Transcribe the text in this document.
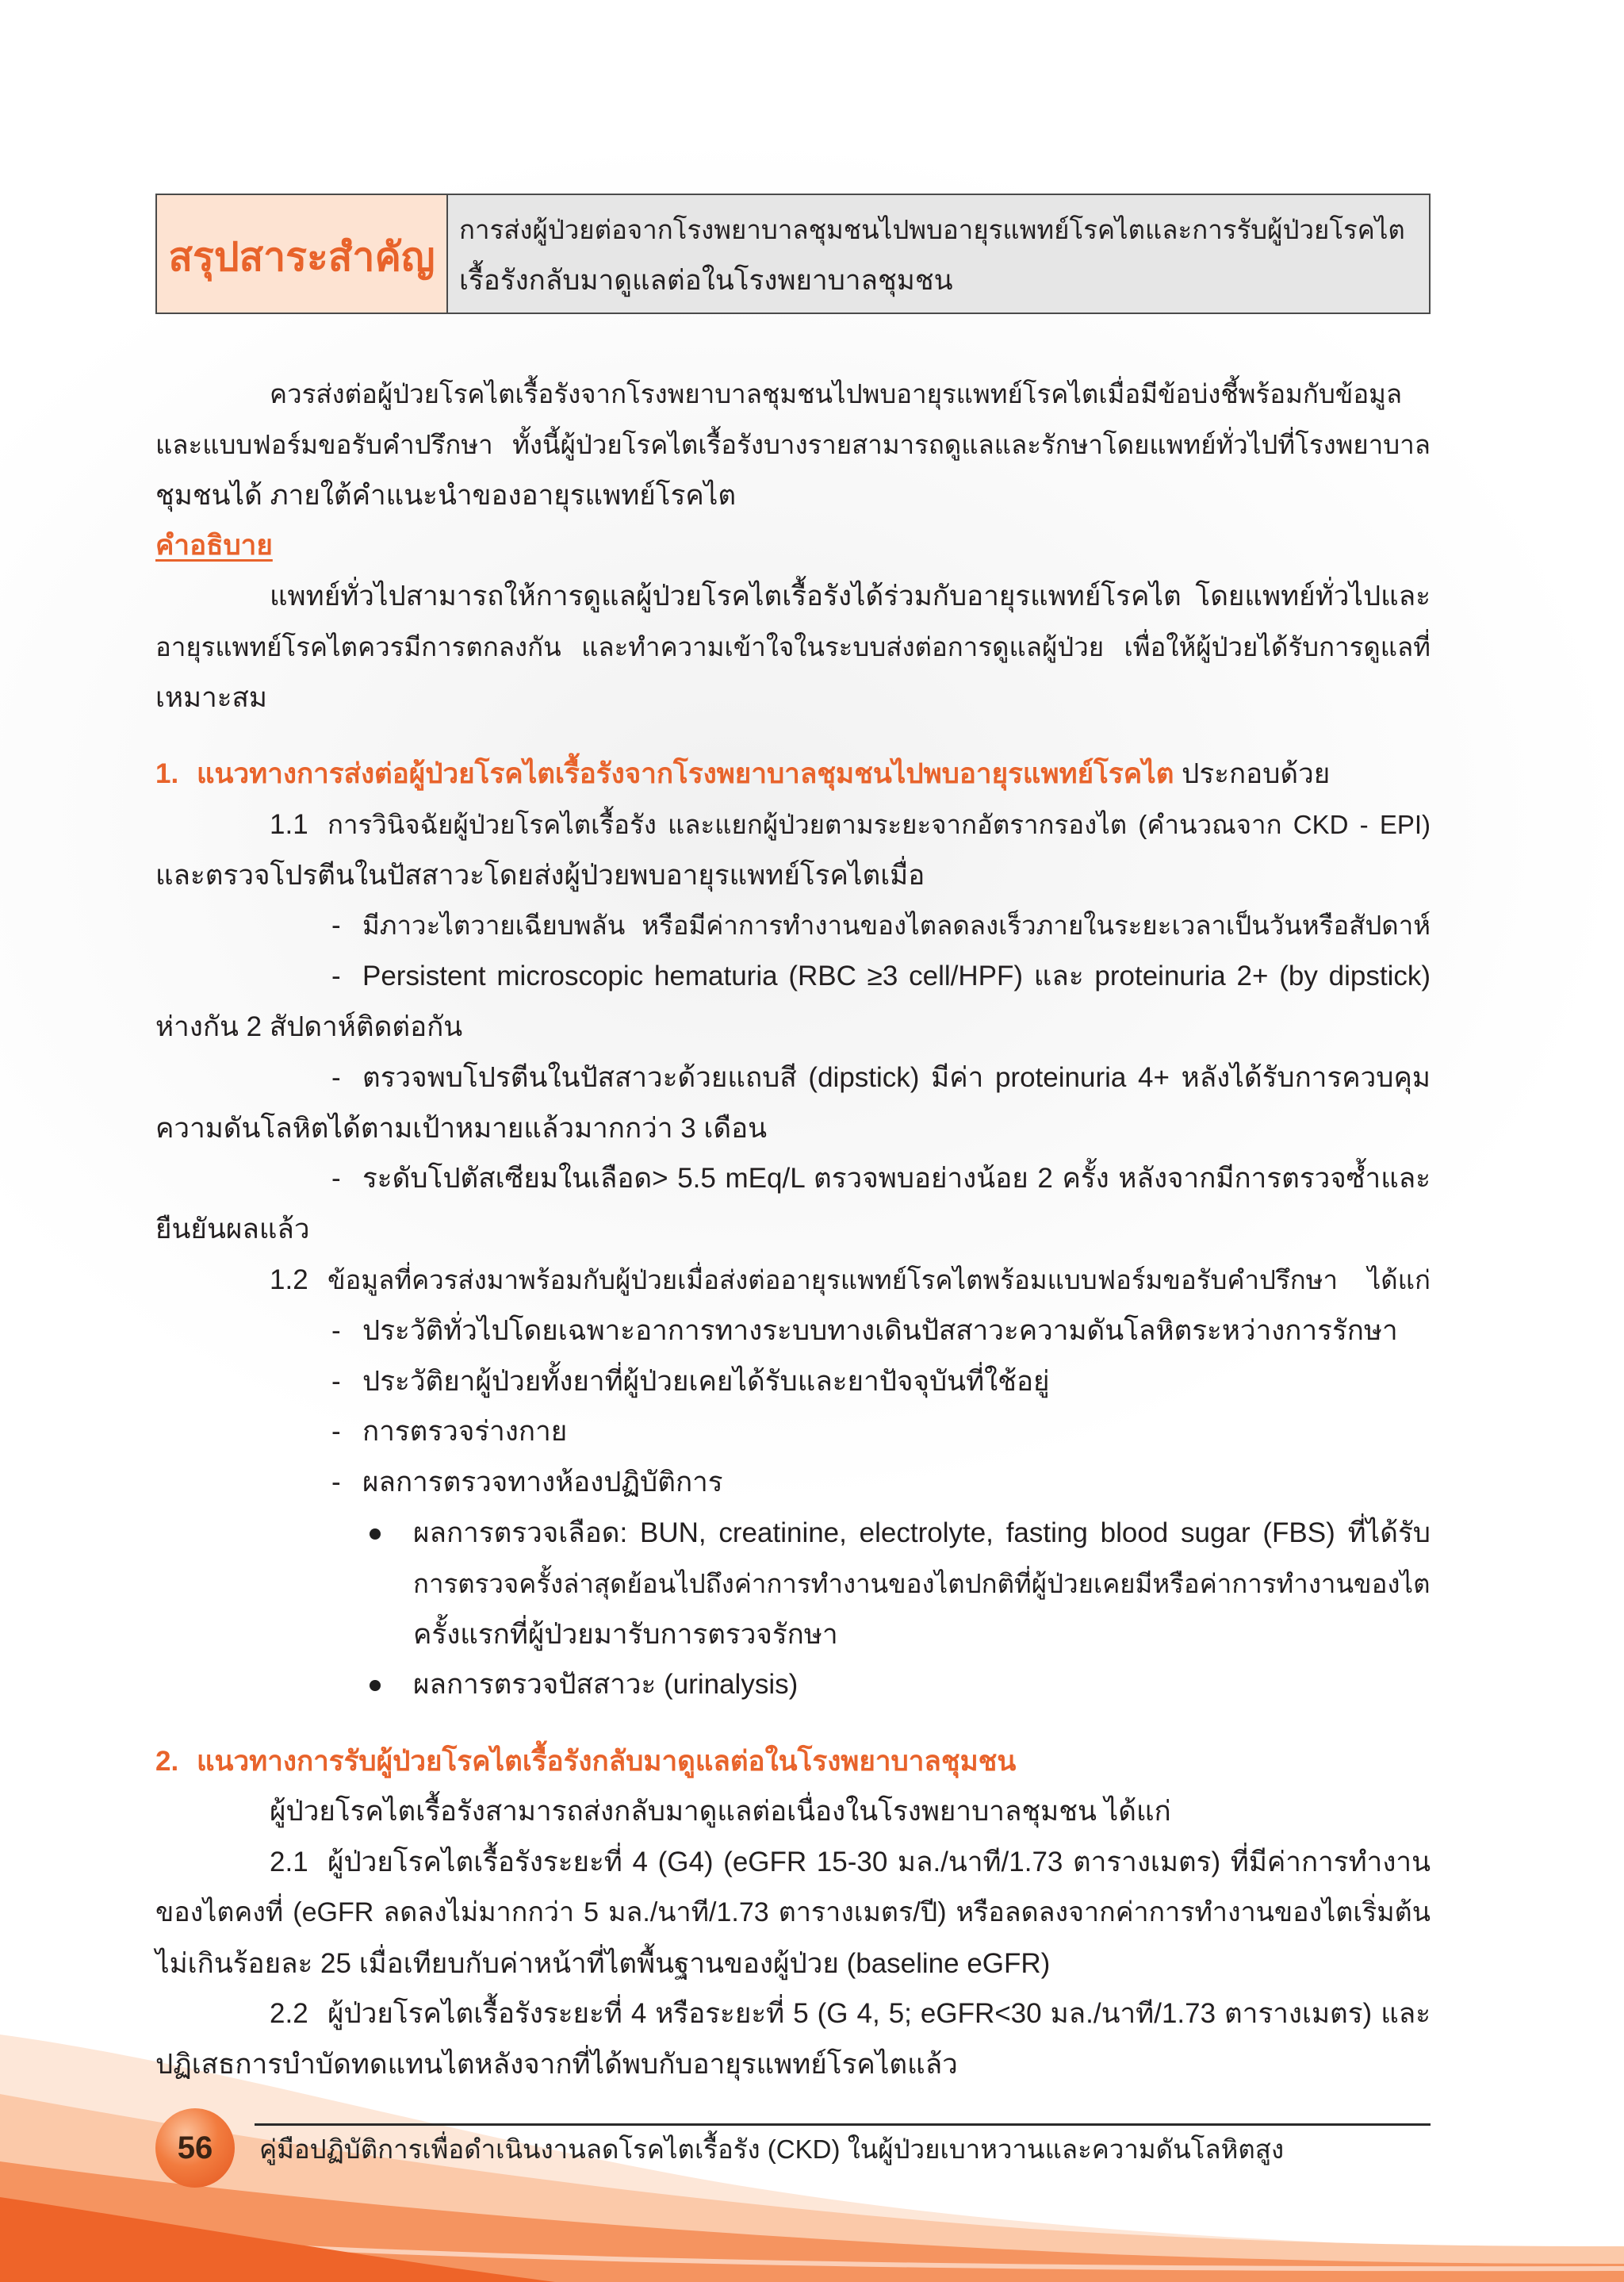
สรุปสาระสำคัญ
การส่งผู้ป่วยต่อจากโรงพยาบาลชุมชนไปพบอายุรแพทย์โรคไตและการรับผู้ป่วยโรคไต
เรื้อรังกลับมาดูแลต่อในโรงพยาบาลชุมชน
ควรส่งต่อผู้ป่วยโรคไตเรื้อรังจากโรงพยาบาลชุมชนไปพบอายุรแพทย์โรคไตเมื่อมีข้อบ่งชี้พร้อมกับข้อมูล
และแบบฟอร์มขอรับคำปรึกษา ทั้งนี้ผู้ป่วยโรคไตเรื้อรังบางรายสามารถดูแลและรักษาโดยแพทย์ทั่วไปที่โรงพยาบาล
ชุมชนได้ ภายใต้คำแนะนำของอายุรแพทย์โรคไต
คำอธิบาย
แพทย์ทั่วไปสามารถให้การดูแลผู้ป่วยโรคไตเรื้อรังได้ร่วมกับอายุรแพทย์โรคไต โดยแพทย์ทั่วไปและ
อายุรแพทย์โรคไตควรมีการตกลงกัน และทำความเข้าใจในระบบส่งต่อการดูแลผู้ป่วย เพื่อให้ผู้ป่วยได้รับการดูแลที่
เหมาะสม
1. แนวทางการส่งต่อผู้ป่วยโรคไตเรื้อรังจากโรงพยาบาลชุมชนไปพบอายุรแพทย์โรคไต ประกอบด้วย
1.1 การวินิจฉัยผู้ป่วยโรคไตเรื้อรัง และแยกผู้ป่วยตามระยะจากอัตรากรองไต (คำนวณจาก CKD - EPI)
และตรวจโปรตีนในปัสสาวะโดยส่งผู้ป่วยพบอายุรแพทย์โรคไตเมื่อ
- มีภาวะไตวายเฉียบพลัน หรือมีค่าการทำงานของไตลดลงเร็วภายในระยะเวลาเป็นวันหรือสัปดาห์
- Persistent microscopic hematuria (RBC ≥3 cell/HPF) และ proteinuria 2+ (by dipstick)
ห่างกัน 2 สัปดาห์ติดต่อกัน
- ตรวจพบโปรตีนในปัสสาวะด้วยแถบสี (dipstick) มีค่า proteinuria 4+ หลังได้รับการควบคุม
ความดันโลหิตได้ตามเป้าหมายแล้วมากกว่า 3 เดือน
- ระดับโปตัสเซียมในเลือด> 5.5 mEq/L ตรวจพบอย่างน้อย 2 ครั้ง หลังจากมีการตรวจซ้ำและ
ยืนยันผลแล้ว
1.2 ข้อมูลที่ควรส่งมาพร้อมกับผู้ป่วยเมื่อส่งต่ออายุรแพทย์โรคไตพร้อมแบบฟอร์มขอรับคำปรึกษา ได้แก่
- ประวัติทั่วไปโดยเฉพาะอาการทางระบบทางเดินปัสสาวะความดันโลหิตระหว่างการรักษา
- ประวัติยาผู้ป่วยทั้งยาที่ผู้ป่วยเคยได้รับและยาปัจจุบันที่ใช้อยู่
- การตรวจร่างกาย
- ผลการตรวจทางห้องปฏิบัติการ
ผลการตรวจเลือด: BUN, creatinine, electrolyte, fasting blood sugar (FBS) ที่ได้รับ
การตรวจครั้งล่าสุดย้อนไปถึงค่าการทำงานของไตปกติที่ผู้ป่วยเคยมีหรือค่าการทำงานของไต
ครั้งแรกที่ผู้ป่วยมารับการตรวจรักษา
ผลการตรวจปัสสาวะ (urinalysis)
2. แนวทางการรับผู้ป่วยโรคไตเรื้อรังกลับมาดูแลต่อในโรงพยาบาลชุมชน
ผู้ป่วยโรคไตเรื้อรังสามารถส่งกลับมาดูแลต่อเนื่องในโรงพยาบาลชุมชน ได้แก่
2.1 ผู้ป่วยโรคไตเรื้อรังระยะที่ 4 (G4) (eGFR 15-30 มล./นาที/1.73 ตารางเมตร) ที่มีค่าการทำงาน
ของไตคงที่ (eGFR ลดลงไม่มากกว่า 5 มล./นาที/1.73 ตารางเมตร/ปี) หรือลดลงจากค่าการทำงานของไตเริ่มต้น
ไม่เกินร้อยละ 25 เมื่อเทียบกับค่าหน้าที่ไตพื้นฐานของผู้ป่วย (baseline eGFR)
2.2 ผู้ป่วยโรคไตเรื้อรังระยะที่ 4 หรือระยะที่ 5 (G 4, 5; eGFR<30 มล./นาที/1.73 ตารางเมตร) และ
ปฏิเสธการบำบัดทดแทนไตหลังจากที่ได้พบกับอายุรแพทย์โรคไตแล้ว
56	คู่มือปฏิบัติการเพื่อดำเนินงานลดโรคไตเรื้อรัง (CKD) ในผู้ป่วยเบาหวานและความดันโลหิตสูง
